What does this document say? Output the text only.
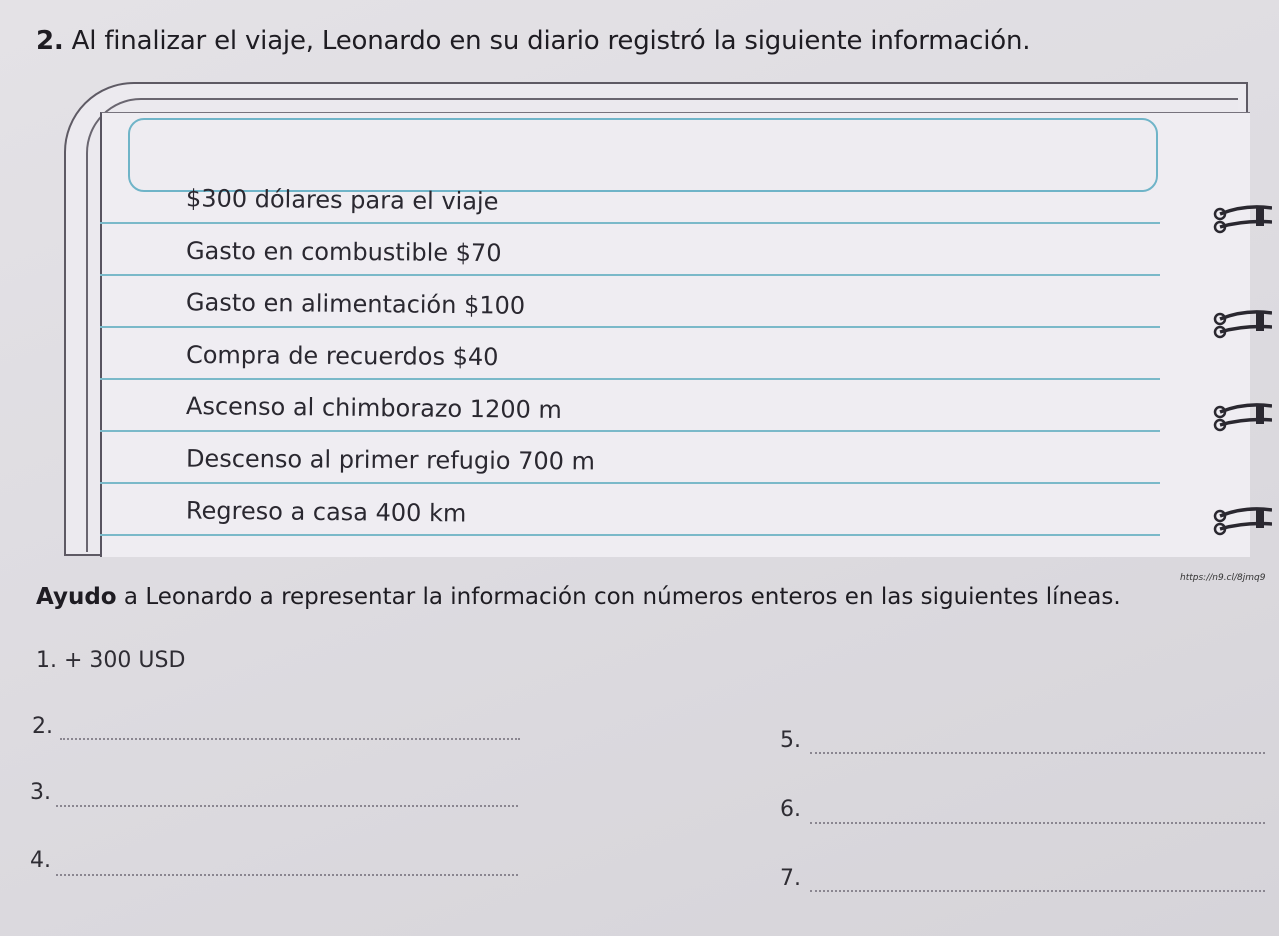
2. Al finalizar el viaje, Leonardo en su diario registró la siguiente información.
$300 dólares para el viaje
Gasto en combustible $70
Gasto en alimentación $100
Compra de recuerdos $40
Ascenso al chimborazo 1200 m
Descenso al primer refugio 700 m
Regreso a casa 400 km
https://n9.cl/8jmq9

Ayudo a Leonardo a representar la información con números enteros en las siguientes líneas.

1. + 300 USD
2.
3.
4.
5.
6.
7.
